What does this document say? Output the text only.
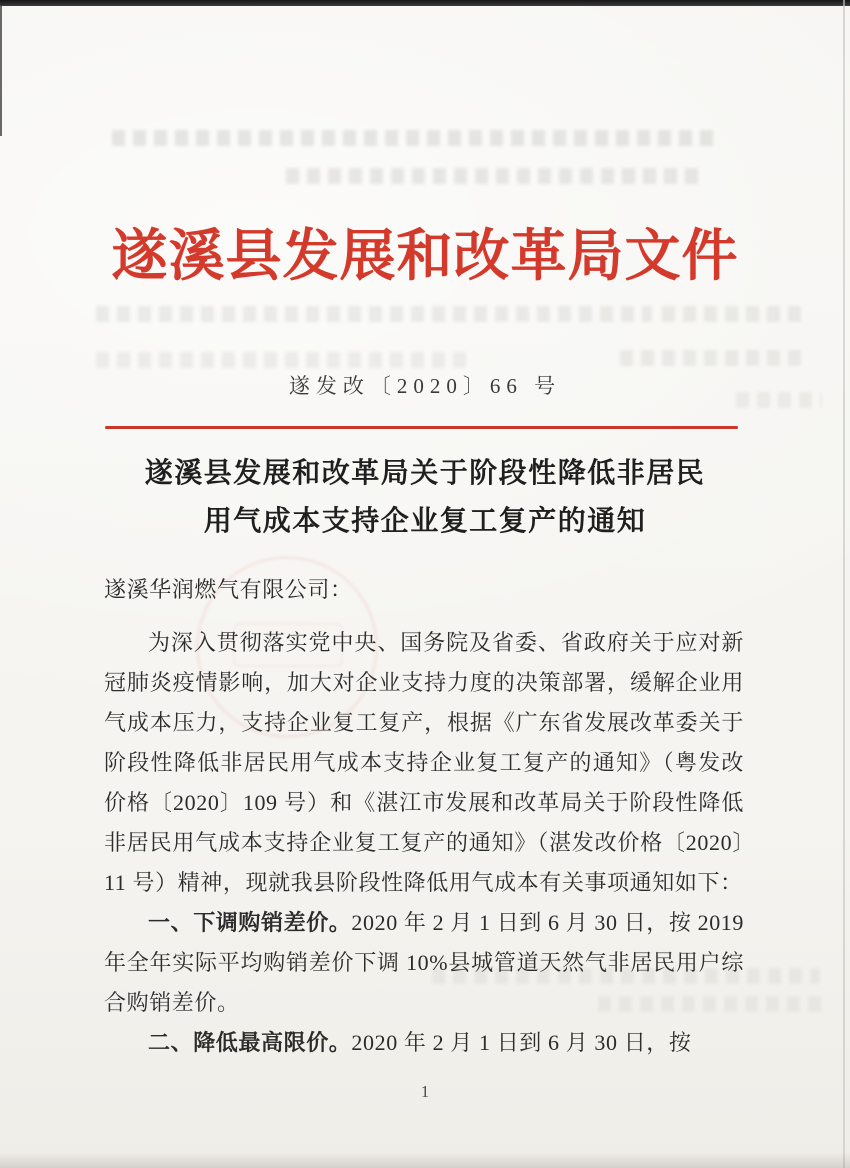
遂溪县发展和改革局文件
遂发改〔2020〕66 号
遂溪县发展和改革局关于阶段性降低非居民
用气成本支持企业复工复产的通知

遂溪华润燃气有限公司：

为深入贯彻落实党中央、国务院及省委、省政府关于应对新冠肺炎疫情影响，加大对企业支持力度的决策部署，缓解企业用气成本压力，支持企业复工复产，根据《广东省发展改革委关于阶段性降低非居民用气成本支持企业复工复产的通知》（粤发改价格〔2020〕109 号）和《湛江市发展和改革局关于阶段性降低非居民用气成本支持企业复工复产的通知》（湛发改价格〔2020〕11 号）精神，现就我县阶段性降低用气成本有关事项通知如下：

一、下调购销差价。2020 年 2 月 1 日到 6 月 30 日，按 2019 年全年实际平均购销差价下调 10%县城管道天然气非居民用户综合购销差价。

二、降低最高限价。2020 年 2 月 1 日到 6 月 30 日，按

1
